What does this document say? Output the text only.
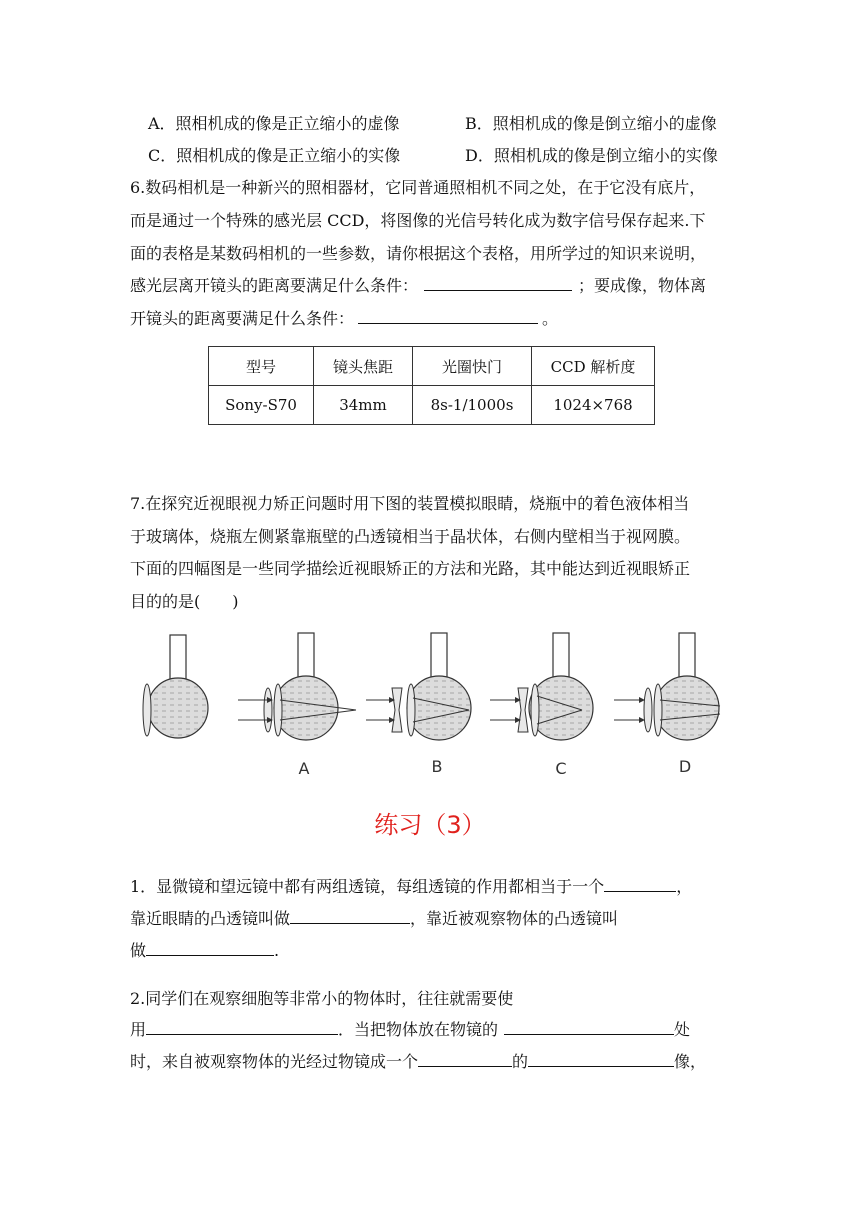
A．照相机成的像是正立缩小的虚像	B．照相机成的像是倒立缩小的虚像
C．照相机成的像是正立缩小的实像	D．照相机成的像是倒立缩小的实像
6.数码相机是一种新兴的照相器材，它同普通照相机不同之处，在于它没有底片，
而是通过一个特殊的感光层 CCD，将图像的光信号转化成为数字信号保存起来.下
面的表格是某数码相机的一些参数，请你根据这个表格，用所学过的知识来说明，
感光层离开镜头的距离要满足什么条件：	；要成像，物体离
开镜头的距离要满足什么条件：	。
型号	镜头焦距	光圈快门	CCD 解析度
Sony-S70	34mm	8s-1/1000s	1024×768
7.在探究近视眼视力矫正问题时用下图的装置模拟眼睛，烧瓶中的着色液体相当
于玻璃体，烧瓶左侧紧靠瓶壁的凸透镜相当于晶状体，右侧内壁相当于视网膜。
下面的四幅图是一些同学描绘近视眼矫正的方法和光路，其中能达到近视眼矫正
目的的是(　　)
A	B	C	D
练习（3）
1．显微镜和望远镜中都有两组透镜，每组透镜的作用都相当于一个	，
靠近眼睛的凸透镜叫做	，靠近被观察物体的凸透镜叫
做	.
2.同学们在观察细胞等非常小的物体时，往往就需要使
用	．当把物体放在物镜的	处
时，来自被观察物体的光经过物镜成一个	的	像，
